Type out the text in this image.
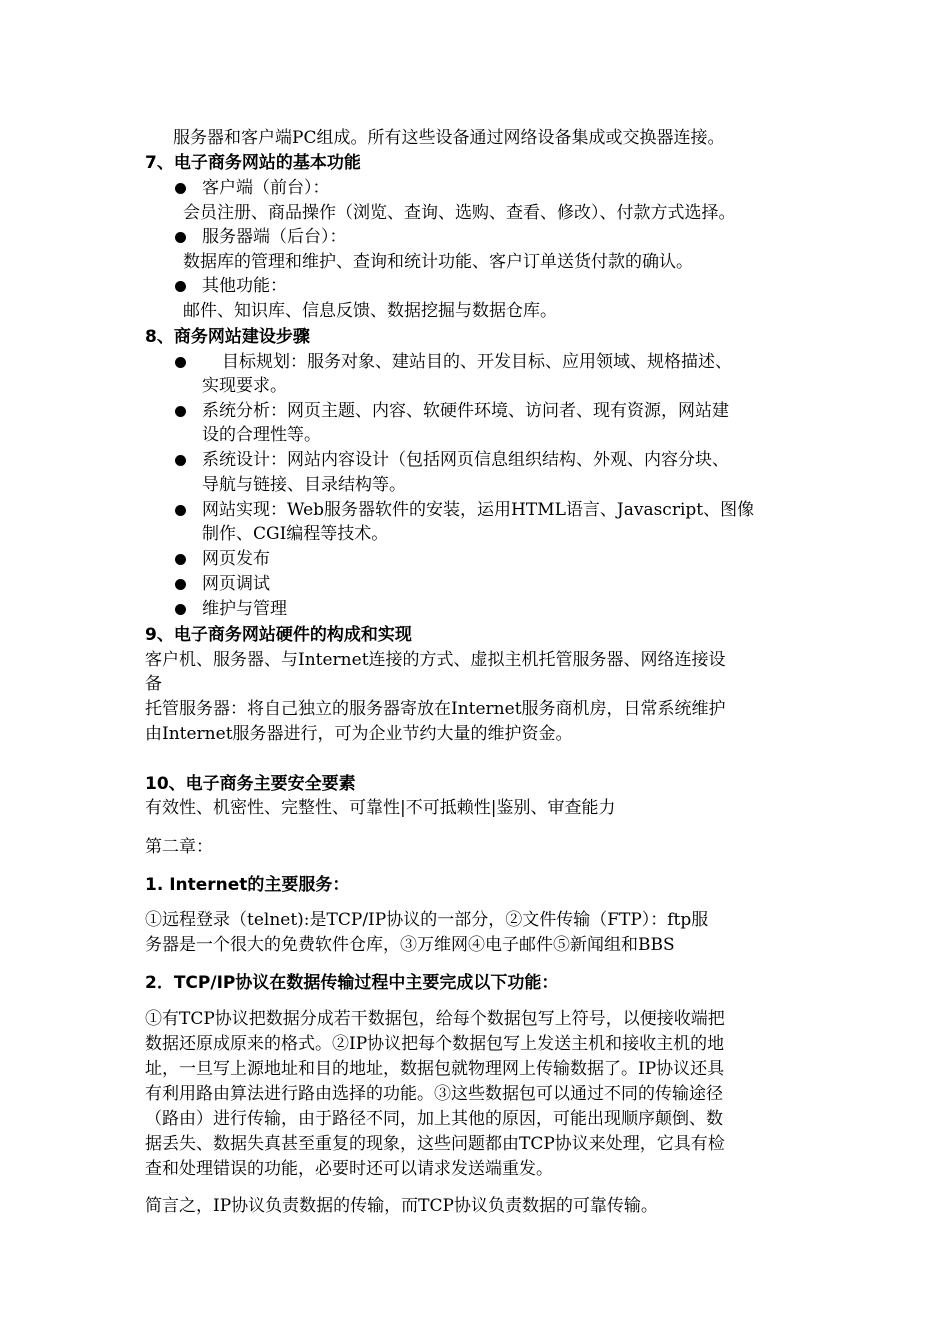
服务器和客户端PC组成。所有这些设备通过网络设备集成或交换器连接。
7、电子商务网站的基本功能
客户端（前台）：
会员注册、商品操作（浏览、查询、选购、查看、修改）、付款方式选择。
服务器端（后台）：
数据库的管理和维护、查询和统计功能、客户订单送货付款的确认。
其他功能：
邮件、知识库、信息反馈、数据挖掘与数据仓库。
8、商务网站建设步骤
目标规划：服务对象、建站目的、开发目标、应用领域、规格描述、
实现要求。
系统分析：网页主题、内容、软硬件环境、访问者、现有资源，网站建
设的合理性等。
系统设计：网站内容设计（包括网页信息组织结构、外观、内容分块、
导航与链接、目录结构等。
网站实现：Web服务器软件的安装，运用HTML语言、Javascript、图像
制作、CGI编程等技术。
网页发布
网页调试
维护与管理
9、电子商务网站硬件的构成和实现
客户机、服务器、与Internet连接的方式、虚拟主机托管服务器、网络连接设
备
托管服务器：将自己独立的服务器寄放在Internet服务商机房，日常系统维护
由Internet服务器进行，可为企业节约大量的维护资金。
10、电子商务主要安全要素
有效性、机密性、完整性、可靠性|不可抵赖性|鉴别、审查能力
第二章：
1. Internet的主要服务：
①远程登录（telnet):是TCP/IP协议的一部分，②文件传输（FTP）：ftp服
务器是一个很大的免费软件仓库，③万维网④电子邮件⑤新闻组和BBS
2．TCP/IP协议在数据传输过程中主要完成以下功能：
①有TCP协议把数据分成若干数据包，给每个数据包写上符号，以便接收端把
数据还原成原来的格式。②IP协议把每个数据包写上发送主机和接收主机的地
址，一旦写上源地址和目的地址，数据包就物理网上传输数据了。IP协议还具
有利用路由算法进行路由选择的功能。③这些数据包可以通过不同的传输途径
（路由）进行传输，由于路径不同，加上其他的原因，可能出现顺序颠倒、数
据丢失、数据失真甚至重复的现象，这些问题都由TCP协议来处理，它具有检
查和处理错误的功能，必要时还可以请求发送端重发。
简言之，IP协议负责数据的传输，而TCP协议负责数据的可靠传输。
